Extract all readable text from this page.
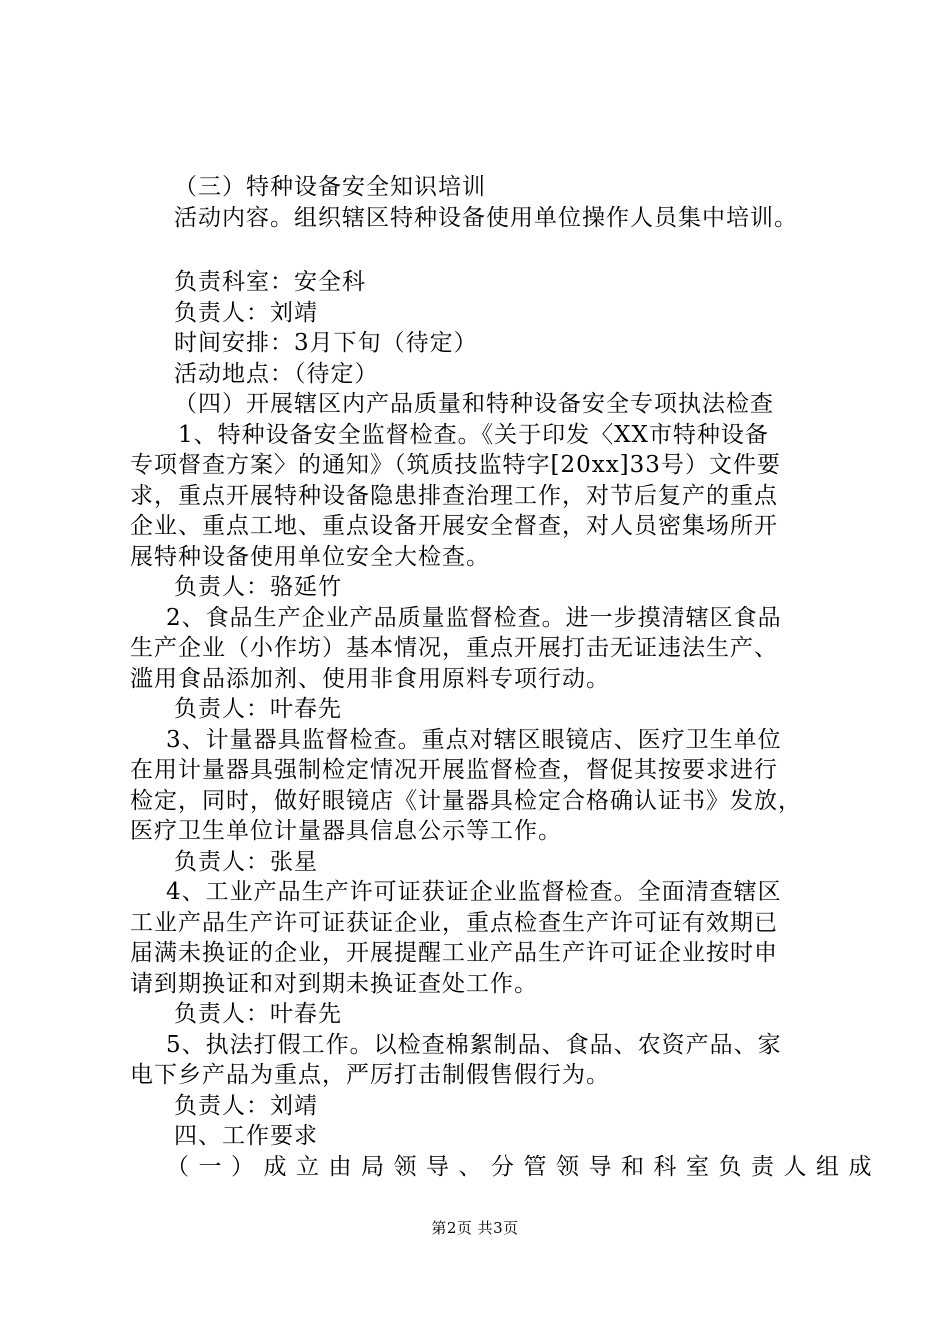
（三）特种设备安全知识培训
活动内容。组织辖区特种设备使用单位操作人员集中培训。
负责科室：安全科
负责人：刘靖
时间安排：3月下旬（待定）
活动地点：（待定）
（四）开展辖区内产品质量和特种设备安全专项执法检查
1、特种设备安全监督检查。《关于印发〈XX市特种设备
专项督查方案〉的通知》（筑质技监特字[20xx]33号）文件要
求，重点开展特种设备隐患排查治理工作，对节后复产的重点
企业、重点工地、重点设备开展安全督查，对人员密集场所开
展特种设备使用单位安全大检查。
负责人：骆延竹
2、食品生产企业产品质量监督检查。进一步摸清辖区食品
生产企业（小作坊）基本情况，重点开展打击无证违法生产、
滥用食品添加剂、使用非食用原料专项行动。
负责人：叶春先
3、计量器具监督检查。重点对辖区眼镜店、医疗卫生单位
在用计量器具强制检定情况开展监督检查，督促其按要求进行
检定，同时，做好眼镜店《计量器具检定合格确认证书》发放，
医疗卫生单位计量器具信息公示等工作。
负责人：张星
4、工业产品生产许可证获证企业监督检查。全面清查辖区
工业产品生产许可证获证企业，重点检查生产许可证有效期已
届满未换证的企业，开展提醒工业产品生产许可证企业按时申
请到期换证和对到期未换证查处工作。
负责人：叶春先
5、执法打假工作。以检查棉絮制品、食品、农资产品、家
电下乡产品为重点，严厉打击制假售假行为。
负责人：刘靖
四、工作要求
（一）成立由局领导、分管领导和科室负责人组成
第2页 共3页
